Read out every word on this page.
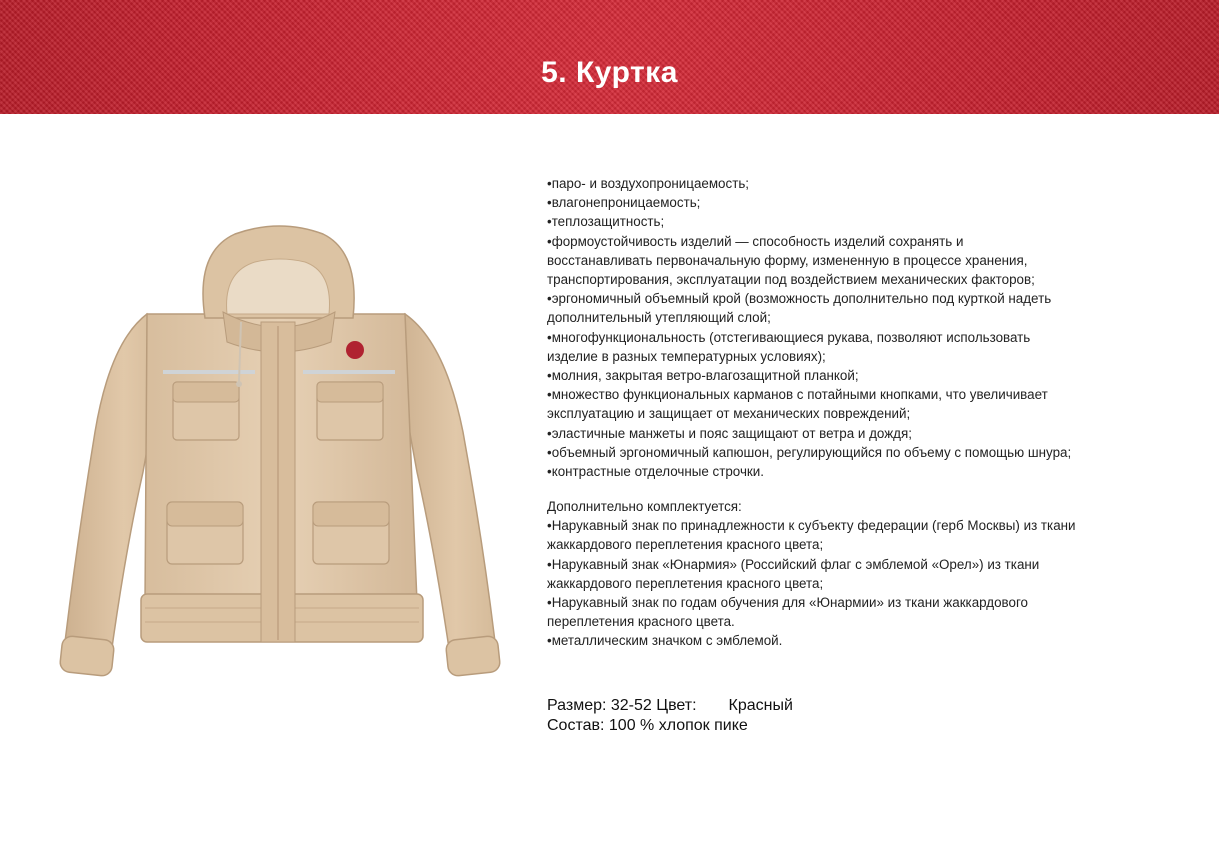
5. Куртка
•паро- и воздухопроницаемость;
•влагонепроницаемость;
•теплозащитность;
•формоустойчивость изделий — способность изделий сохранять и
восстанавливать первоначальную форму, измененную в процессе хранения,
транспортирования, эксплуатации под воздействием механических факторов;
•эргономичный объемный крой (возможность дополнительно под курткой надеть
дополнительный утепляющий слой;
•многофункциональность (отстегивающиеся рукава, позволяют использовать
изделие в разных температурных условиях);
•молния, закрытая ветро-влагозащитной планкой;
•множество функциональных карманов с потайными кнопками, что увеличивает
эксплуатацию и защищает от механических повреждений;
•эластичные манжеты и пояс защищают от ветра и дождя;
•объемный эргономичный капюшон, регулирующийся по объему с помощью шнура;
•контрастные отделочные строчки.
Дополнительно комплектуется:
•Нарукавный знак по принадлежности к субъекту федерации (герб Москвы) из ткани
жаккардового переплетения красного цвета;
•Нарукавный знак «Юнармия» (Российский флаг с эмблемой «Орел») из ткани
жаккардового переплетения красного цвета;
•Нарукавный знак по годам обучения для «Юнармии» из ткани жаккардового
переплетения красного цвета.
•металлическим значком с эмблемой.
Размер: 32-52 Цвет: Красный
Состав: 100 % хлопок пике
